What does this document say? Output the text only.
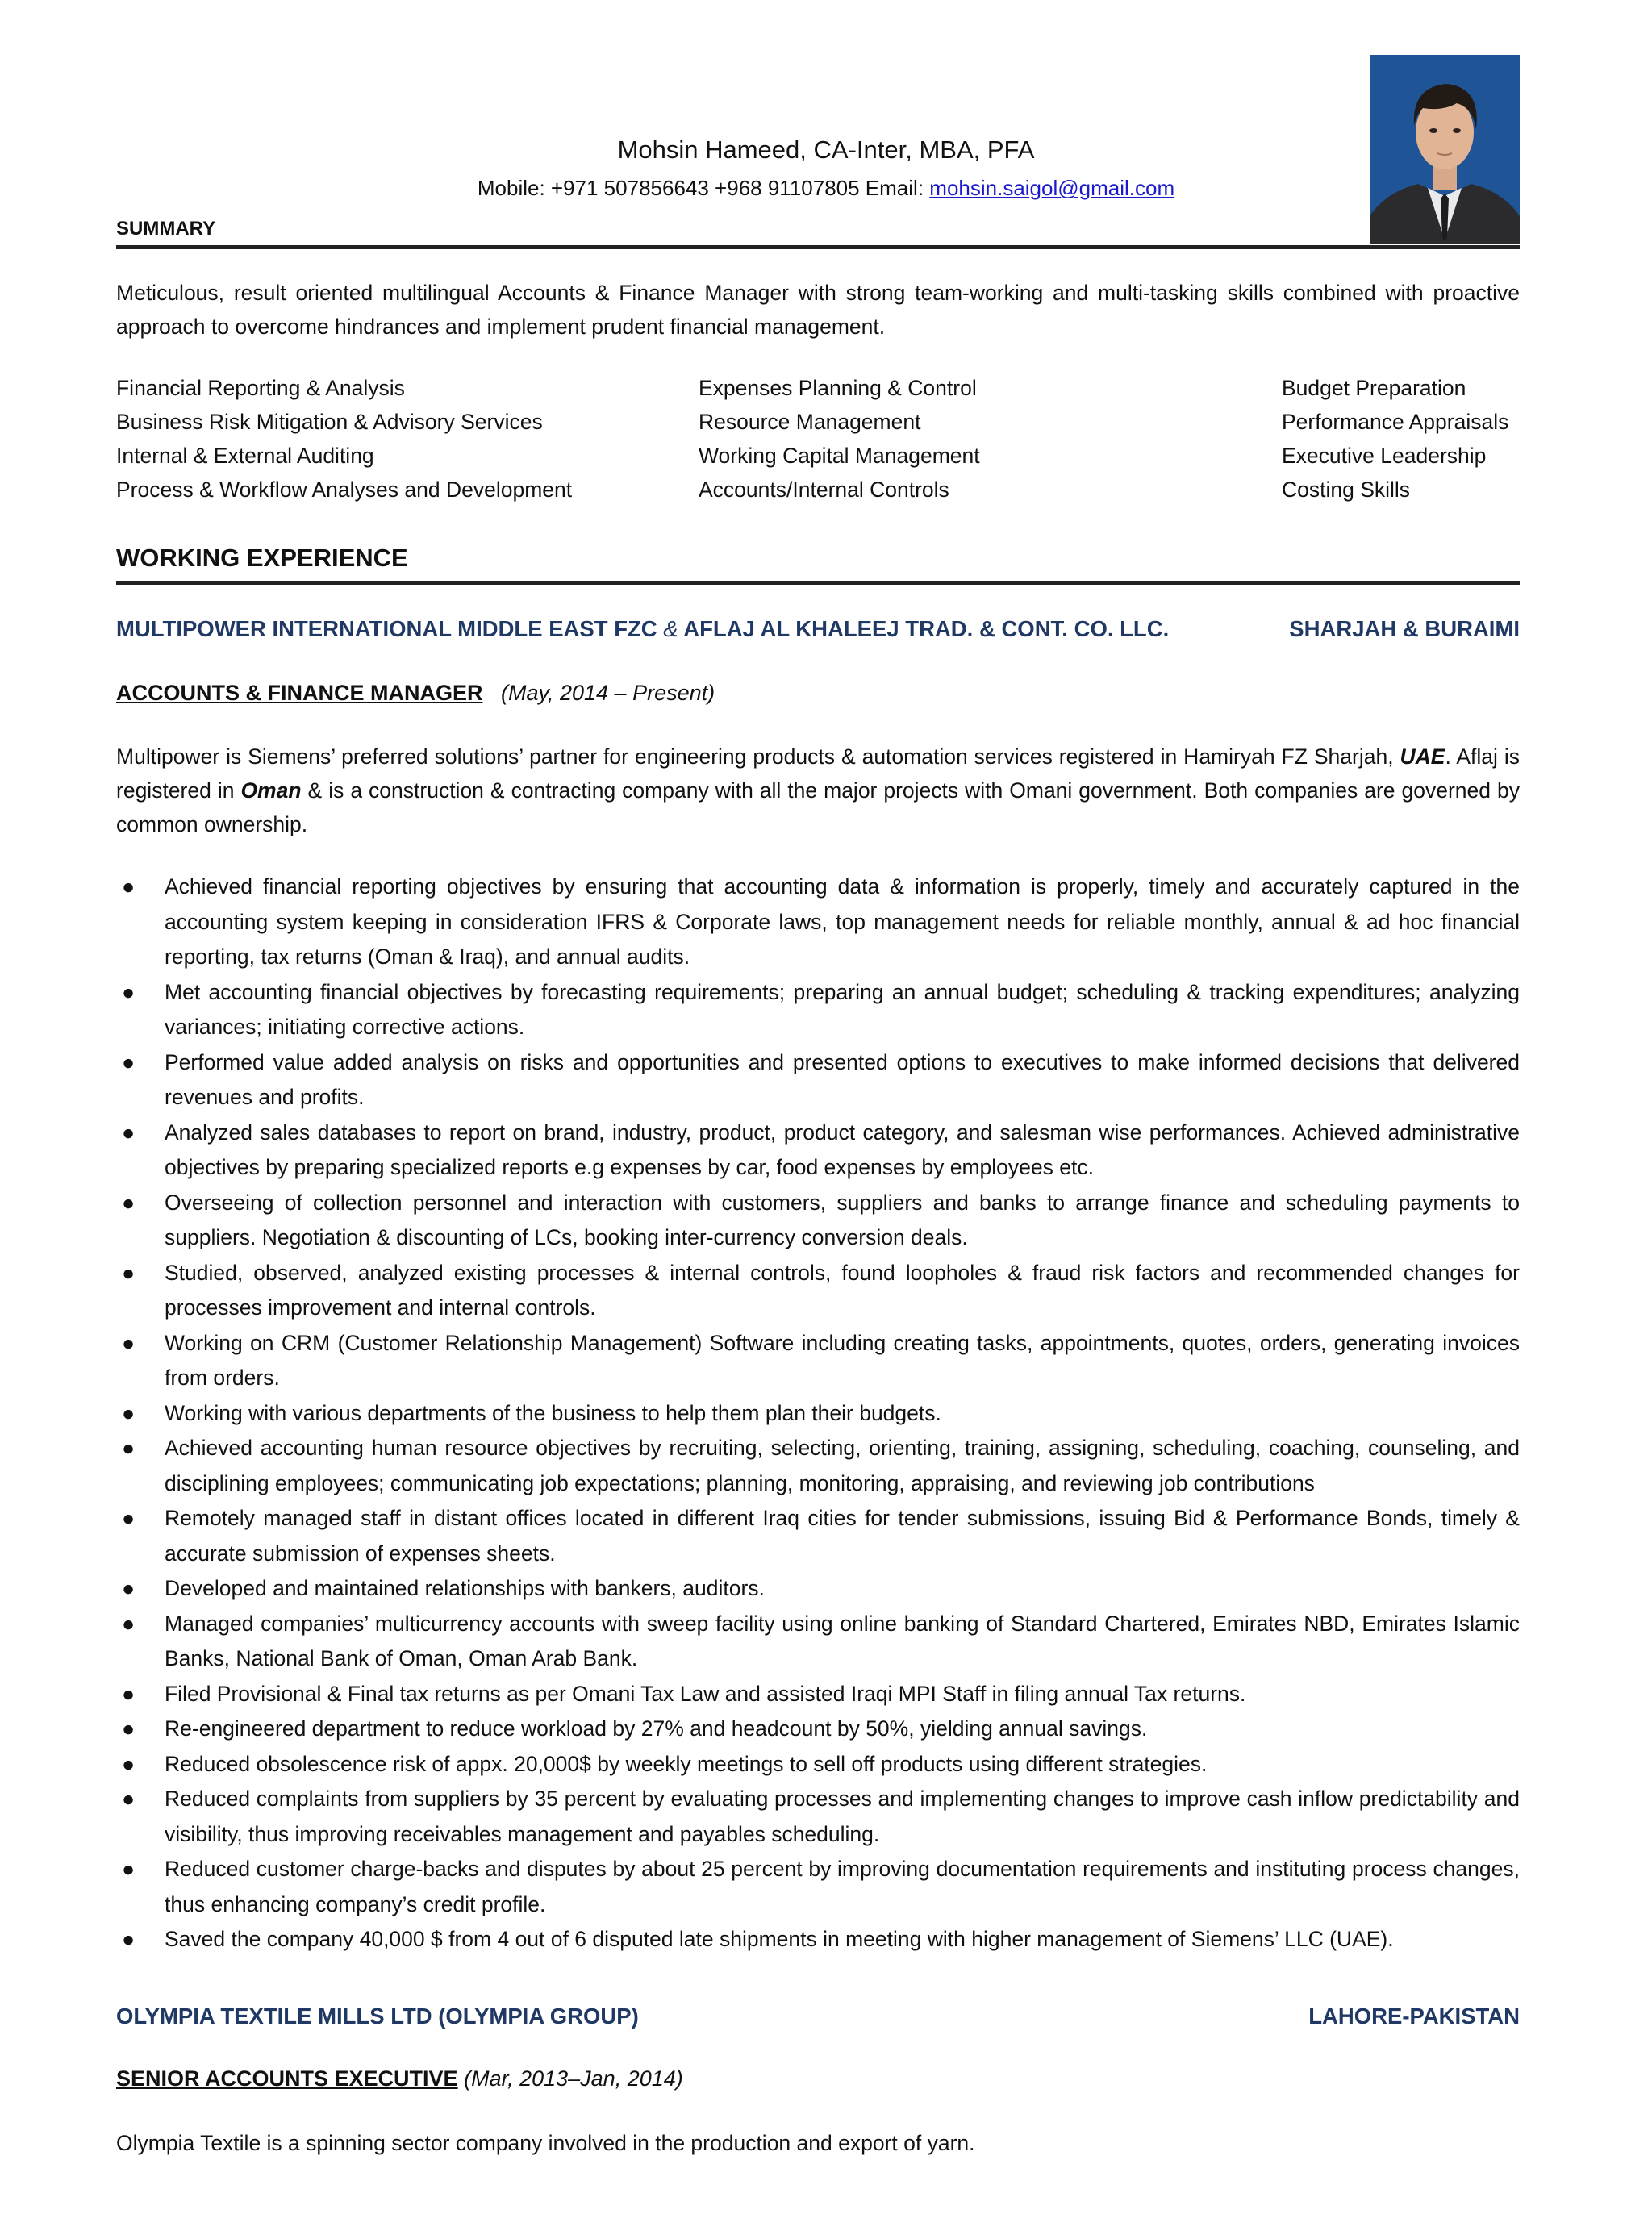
Mohsin Hameed, CA-Inter, MBA, PFA
Mobile: +971 507856643 +968 91107805 Email: mohsin.saigol@gmail.com
SUMMARY
Meticulous, result oriented multilingual Accounts & Finance Manager with strong team-working and multi-tasking skills combined with proactive approach to overcome hindrances and implement prudent financial management.
Financial Reporting & Analysis
Business Risk Mitigation & Advisory Services
Internal & External Auditing
Process & Workflow Analyses and Development
Expenses Planning & Control
Resource Management
Working Capital Management
Accounts/Internal Controls
Budget Preparation
Performance Appraisals
Executive Leadership
Costing Skills
WORKING EXPERIENCE
MULTIPOWER INTERNATIONAL MIDDLE EAST FZC & AFLAJ AL KHALEEJ TRAD. & CONT. CO. LLC.	SHARJAH & BURAIMI
ACCOUNTS & FINANCE MANAGER (May, 2014 – Present)
Multipower is Siemens’ preferred solutions’ partner for engineering products & automation services registered in Hamiryah FZ Sharjah, UAE. Aflaj is registered in Oman & is a construction & contracting company with all the major projects with Omani government. Both companies are governed by common ownership.
● Achieved financial reporting objectives by ensuring that accounting data & information is properly, timely and accurately captured in the accounting system keeping in consideration IFRS & Corporate laws, top management needs for reliable monthly, annual & ad hoc financial reporting, tax returns (Oman & Iraq), and annual audits.
● Met accounting financial objectives by forecasting requirements; preparing an annual budget; scheduling & tracking expenditures; analyzing variances; initiating corrective actions.
● Performed value added analysis on risks and opportunities and presented options to executives to make informed decisions that delivered revenues and profits.
● Analyzed sales databases to report on brand, industry, product, product category, and salesman wise performances. Achieved administrative objectives by preparing specialized reports e.g expenses by car, food expenses by employees etc.
● Overseeing of collection personnel and interaction with customers, suppliers and banks to arrange finance and scheduling payments to suppliers. Negotiation & discounting of LCs, booking inter-currency conversion deals.
● Studied, observed, analyzed existing processes & internal controls, found loopholes & fraud risk factors and recommended changes for processes improvement and internal controls.
● Working on CRM (Customer Relationship Management) Software including creating tasks, appointments, quotes, orders, generating invoices from orders.
● Working with various departments of the business to help them plan their budgets.
● Achieved accounting human resource objectives by recruiting, selecting, orienting, training, assigning, scheduling, coaching, counseling, and disciplining employees; communicating job expectations; planning, monitoring, appraising, and reviewing job contributions
● Remotely managed staff in distant offices located in different Iraq cities for tender submissions, issuing Bid & Performance Bonds, timely & accurate submission of expenses sheets.
● Developed and maintained relationships with bankers, auditors.
● Managed companies’ multicurrency accounts with sweep facility using online banking of Standard Chartered, Emirates NBD, Emirates Islamic Banks, National Bank of Oman, Oman Arab Bank.
● Filed Provisional & Final tax returns as per Omani Tax Law and assisted Iraqi MPI Staff in filing annual Tax returns.
● Re-engineered department to reduce workload by 27% and headcount by 50%, yielding annual savings.
● Reduced obsolescence risk of appx. 20,000$ by weekly meetings to sell off products using different strategies.
● Reduced complaints from suppliers by 35 percent by evaluating processes and implementing changes to improve cash inflow predictability and visibility, thus improving receivables management and payables scheduling.
● Reduced customer charge-backs and disputes by about 25 percent by improving documentation requirements and instituting process changes, thus enhancing company’s credit profile.
● Saved the company 40,000 $ from 4 out of 6 disputed late shipments in meeting with higher management of Siemens’ LLC (UAE).
OLYMPIA TEXTILE MILLS LTD (OLYMPIA GROUP)	LAHORE-PAKISTAN
SENIOR ACCOUNTS EXECUTIVE (Mar, 2013–Jan, 2014)
Olympia Textile is a spinning sector company involved in the production and export of yarn.
